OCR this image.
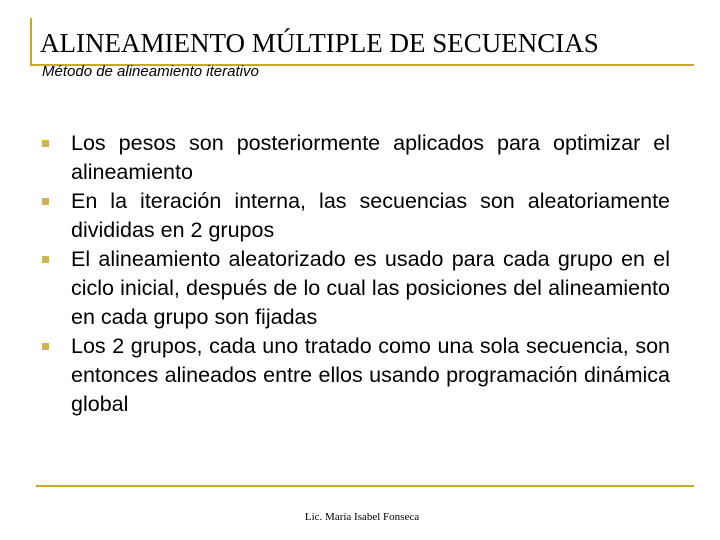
ALINEAMIENTO MÚLTIPLE DE SECUENCIAS
Método de alineamiento iterativo
Los pesos son posteriormente aplicados para optimizar el alineamiento
En la iteración interna, las secuencias son aleatoriamente divididas en 2 grupos
El alineamiento aleatorizado es usado para cada grupo en el ciclo inicial, después de lo cual las posiciones del alineamiento en cada grupo son fijadas
Los 2 grupos, cada uno tratado como una sola secuencia, son entonces alineados entre ellos usando programación dinámica global

Lic. María Isabel Fonseca
